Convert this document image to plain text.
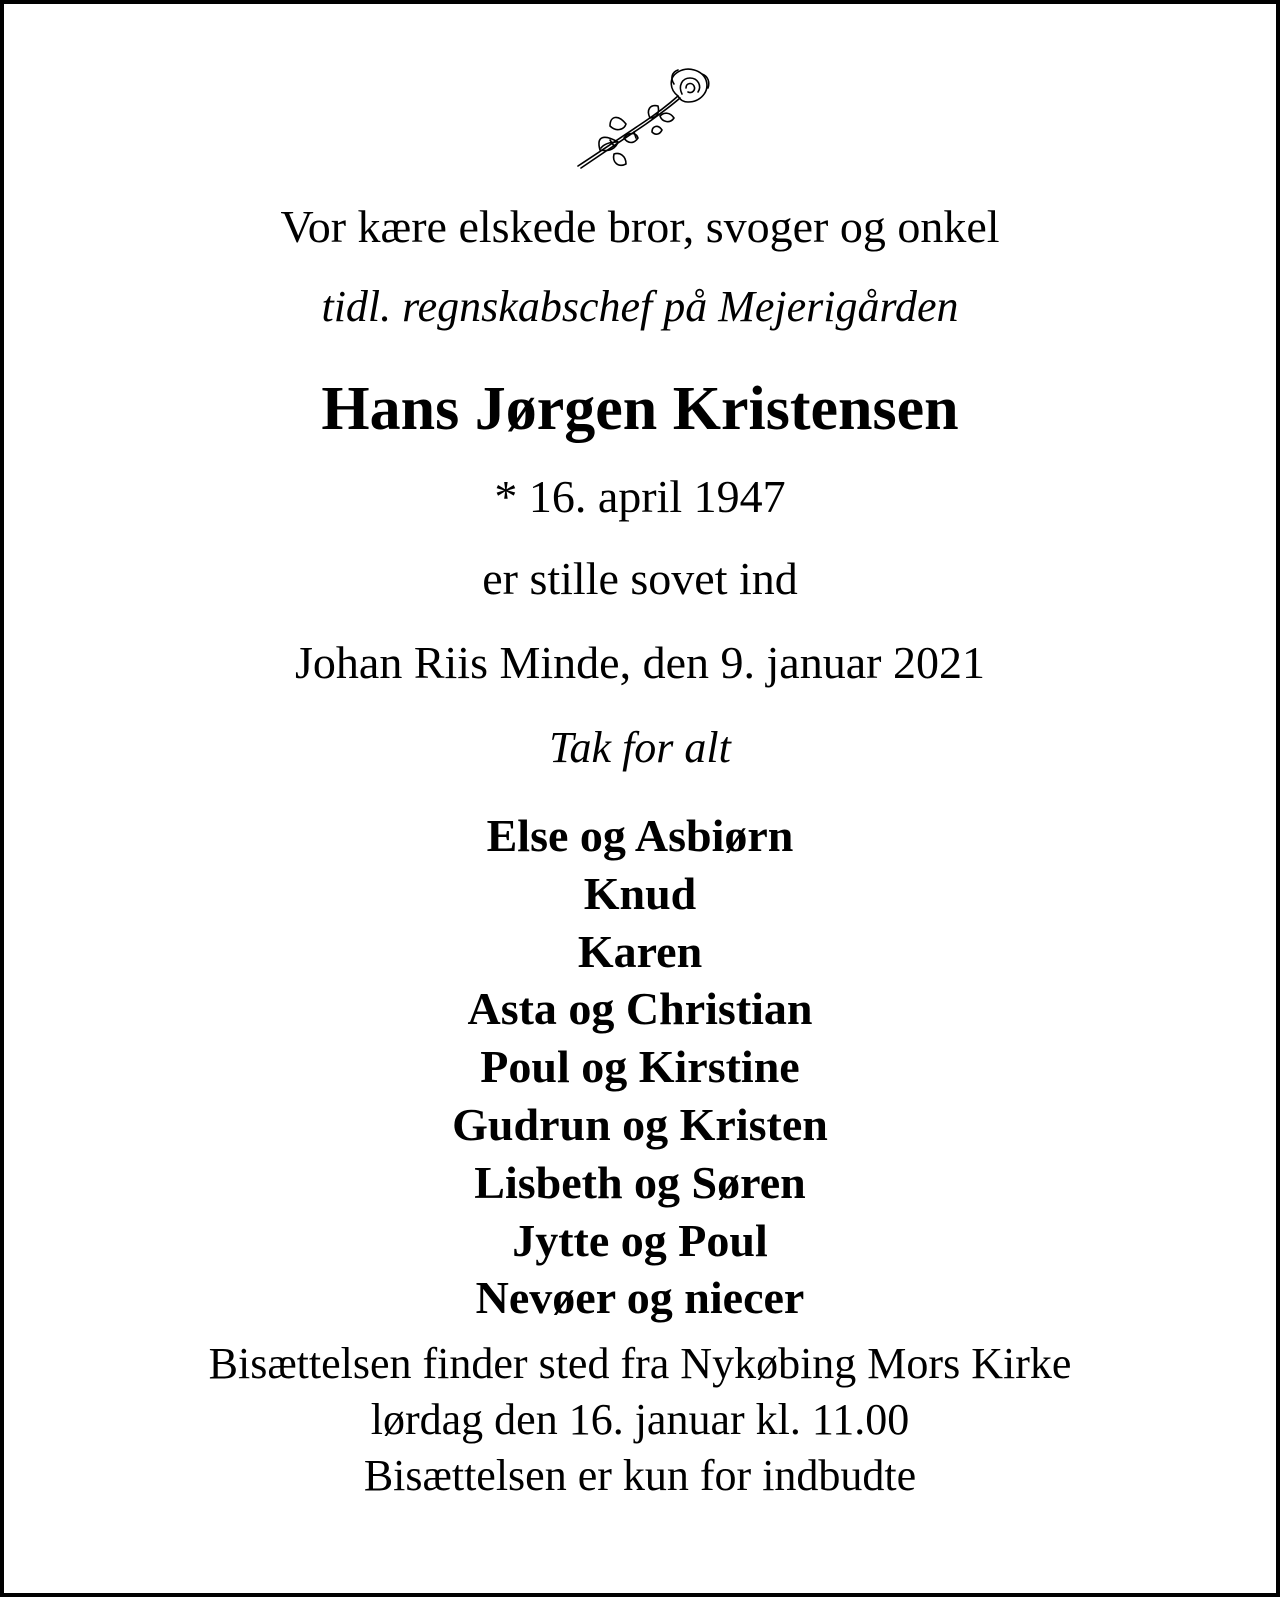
Vor kære elskede bror, svoger og onkel
tidl. regnskabschef på Mejerigården
Hans Jørgen Kristensen
* 16. april 1947
er stille sovet ind
Johan Riis Minde, den 9. januar 2021
Tak for alt
Else og Asbiørn
Knud
Karen
Asta og Christian
Poul og Kirstine
Gudrun og Kristen
Lisbeth og Søren
Jytte og Poul
Nevøer og niecer
Bisættelsen finder sted fra Nykøbing Mors Kirke
lørdag den 16. januar kl. 11.00
Bisættelsen er kun for indbudte
